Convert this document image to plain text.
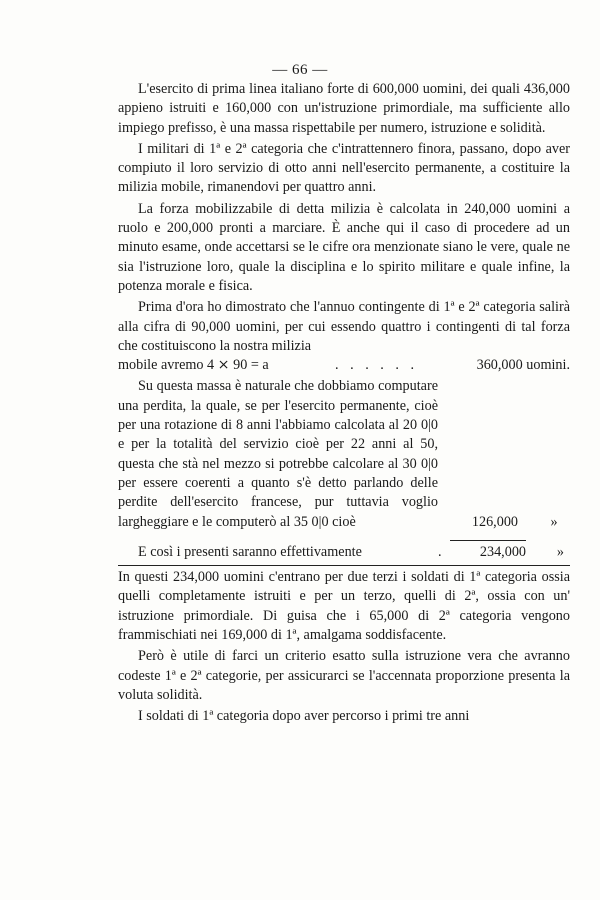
— 66 —

L'esercito di prima linea italiano forte di 600,000 uomini, dei quali 436,000 appieno istruiti e 160,000 con un'istruzione primordiale, ma sufficiente allo impiego prefisso, è una massa rispettabile per numero, istruzione e solidità.

I militari di 1ª e 2ª categoria che c'intrattennero finora, passano, dopo aver compiuto il loro servizio di otto anni nell'esercito permanente, a costituire la milizia mobile, rimanendovi per quattro anni.

La forza mobilizzabile di detta milizia è calcolata in 240,000 uomini a ruolo e 200,000 pronti a marciare. È anche qui il caso di procedere ad un minuto esame, onde accettarsi se le cifre ora menzionate siano le vere, quale ne sia l'istruzione loro, quale la disciplina e lo spirito militare e quale infine, la potenza morale e fisica.

Prima d'ora ho dimostrato che l'annuo contingente di 1ª e 2ª categoria salirà alla cifra di 90,000 uomini, per cui essendo quattro i contingenti di tal forza che costituiscono la nostra milizia

mobile avremo 4 ⨯ 90 = a	. . . . . .	360,000 uomini.
Su questa massa è naturale che dobbiamo computare una perdita, la quale, se per l'esercito permanente, cioè per una rotazione di 8 anni l'abbiamo calcolata al 20 0|0 e per la totalità del servizio cioè per 22 anni al 50, questa che stà nel mezzo si potrebbe calcolare al 30 0|0 per essere coerenti a quanto s'è detto parlando delle perdite dell'esercito francese, pur tuttavia voglio largheggiare e le computerò al 35 0|0 cioè	126,000	»
E così i presenti saranno effettivamente	.	234,000	»

In questi 234,000 uomini c'entrano per due terzi i soldati di 1ª categoria ossia quelli completamente istruiti e per un terzo, quelli di 2ª, ossia con un' istruzione primordiale. Di guisa che i 65,000 di 2ª categoria vengono frammischiati nei 169,000 di 1ª, amalgama soddisfacente.

Però è utile di farci un criterio esatto sulla istruzione vera che avranno codeste 1ª e 2ª categorie, per assicurarci se l'accennata proporzione presenta la voluta solidità.

I soldati di 1ª categoria dopo aver percorso i primi tre anni
